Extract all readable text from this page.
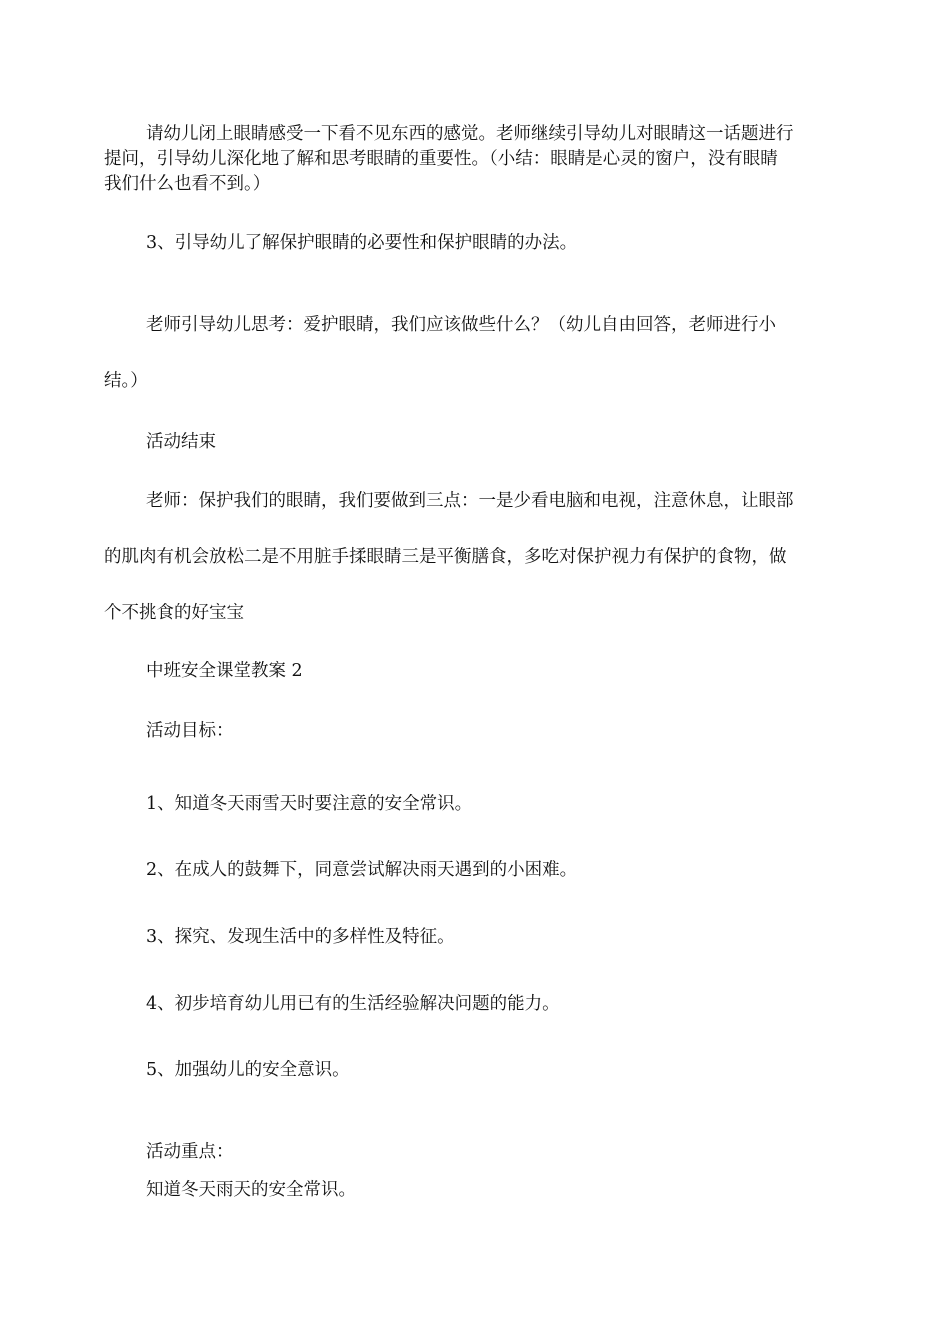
请幼儿闭上眼睛感受一下看不见东西的感觉。老师继续引导幼儿对眼睛这一话题进行
提问，引导幼儿深化地了解和思考眼睛的重要性。（小结：眼睛是心灵的窗户，没有眼睛
我们什么也看不到。）
3、引导幼儿了解保护眼睛的必要性和保护眼睛的办法。
老师引导幼儿思考：爱护眼睛，我们应该做些什么？（幼儿自由回答，老师进行小
结。）
活动结束
老师：保护我们的眼睛，我们要做到三点：一是少看电脑和电视，注意休息，让眼部
的肌肉有机会放松二是不用脏手揉眼睛三是平衡膳食，多吃对保护视力有保护的食物，做
个不挑食的好宝宝
中班安全课堂教案 2
活动目标：
1、知道冬天雨雪天时要注意的安全常识。
2、在成人的鼓舞下，同意尝试解决雨天遇到的小困难。
3、探究、发现生活中的多样性及特征。
4、初步培育幼儿用已有的生活经验解决问题的能力。
5、加强幼儿的安全意识。
活动重点：
知道冬天雨天的安全常识。
